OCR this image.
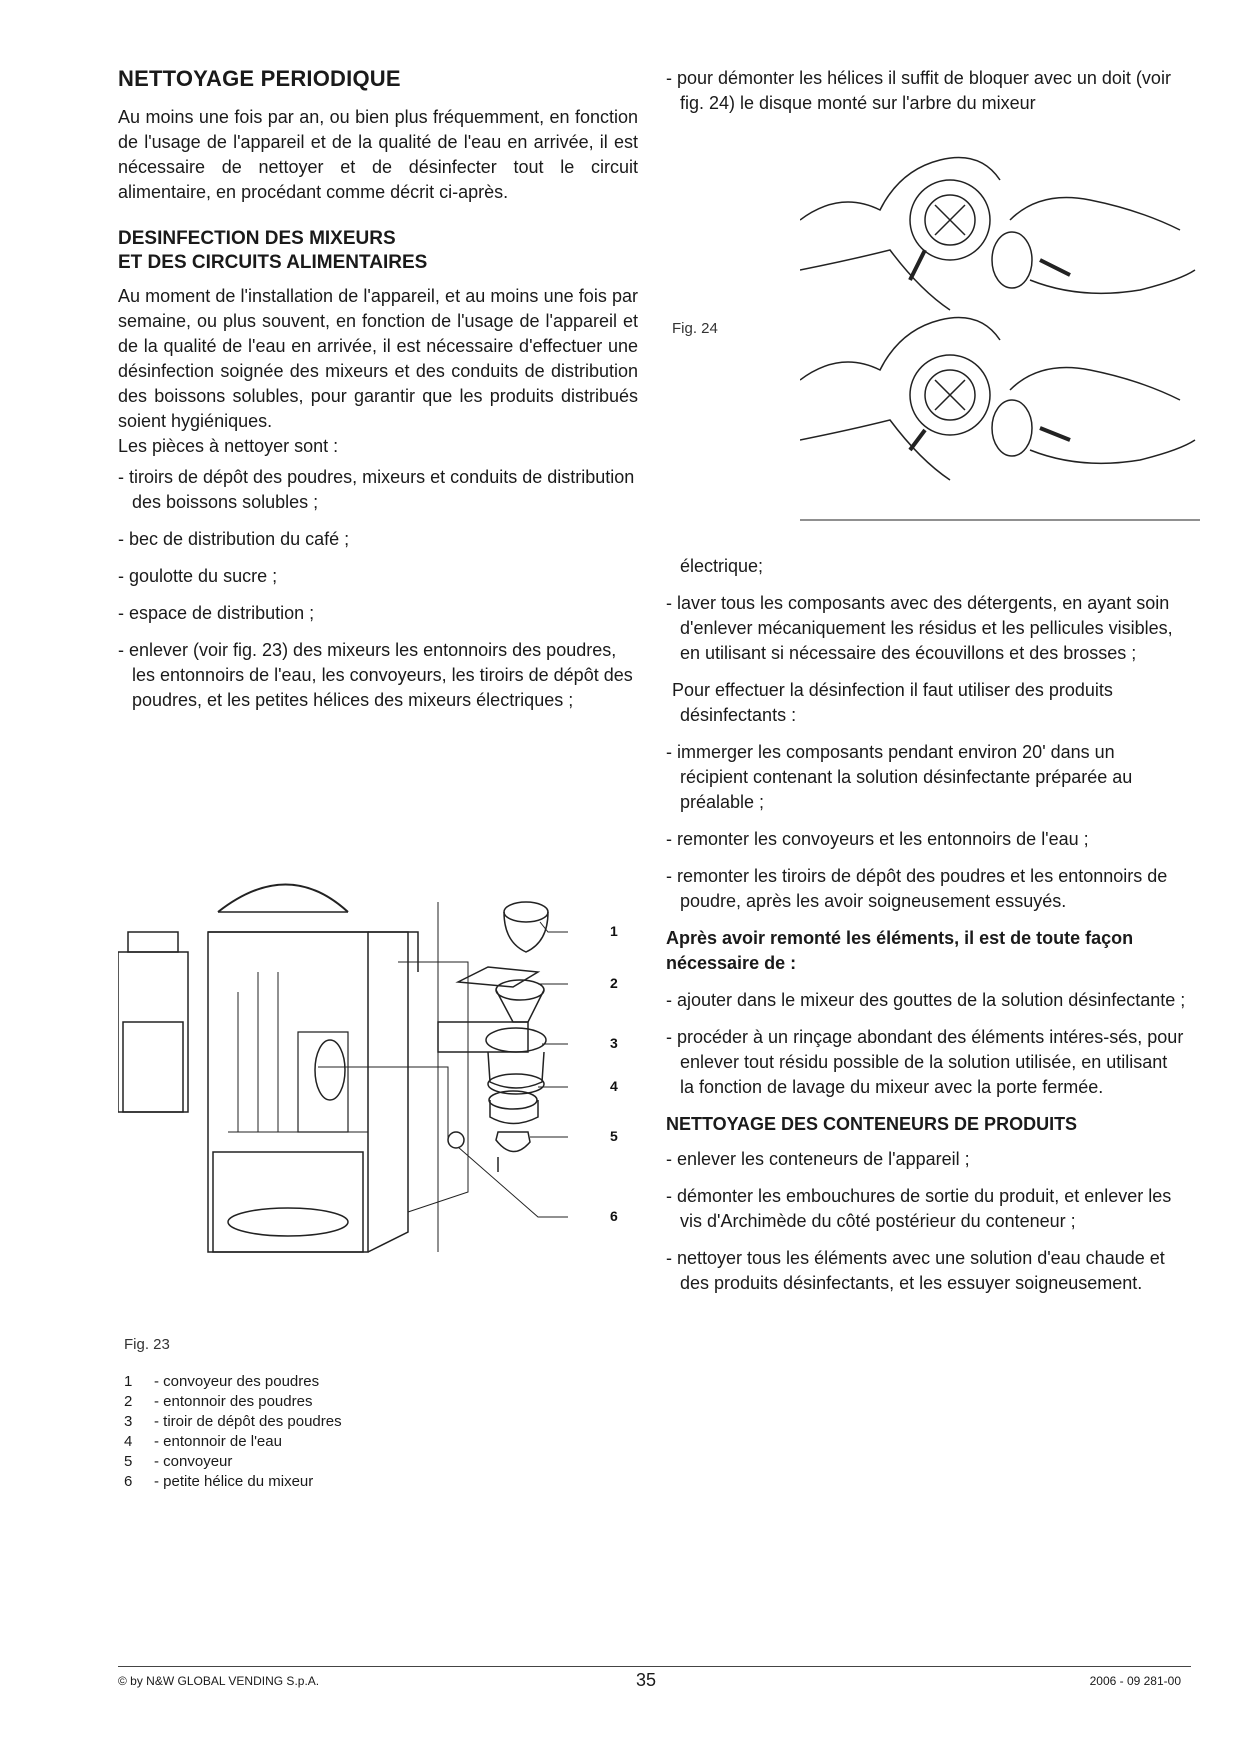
NETTOYAGE PERIODIQUE

Au moins une fois par an, ou bien plus fréquemment, en fonction de l'usage de l'appareil et de la qualité de l'eau en arrivée, il est nécessaire de nettoyer et de désinfecter tout le circuit alimentaire, en procédant comme décrit ci-après.

DESINFECTION DES MIXEURS
ET DES CIRCUITS ALIMENTAIRES

Au moment de l'installation de l'appareil, et au moins une fois par semaine, ou plus souvent, en fonction de l'usage de l'appareil et de la qualité de l'eau en arrivée, il est nécessaire d'effectuer une désinfection soignée des mixeurs et des conduits de distribution des boissons solubles, pour garantir que les produits distribués soient hygiéniques.

Les pièces à nettoyer sont :

- tiroirs de dépôt des poudres, mixeurs et conduits de distribution des boissons solubles ;
- bec de distribution du café ;
- goulotte du sucre ;
- espace de distribution ;
- enlever (voir fig. 23) des mixeurs les entonnoirs des poudres, les entonnoirs de l'eau, les convoyeurs, les tiroirs de dépôt des poudres, et les petites hélices des mixeurs électriques ;
1
2
3
4
5
6
Fig. 23
1	- convoyeur des poudres
2	- entonnoir des poudres
3	- tiroir de dépôt des poudres
4	- entonnoir de l'eau
5	- convoyeur
6	- petite hélice du mixeur
- pour démonter les hélices il suffit de bloquer avec un doit (voir fig. 24) le disque monté sur l'arbre du mixeur
Fig. 24

électrique;

- laver tous les composants avec des détergents, en ayant soin d'enlever mécaniquement les résidus et les pellicules visibles, en utilisant si nécessaire des écouvillons et des brosses ;

Pour effectuer la désinfection il faut utiliser des produits désinfectants :

- immerger les composants pendant environ 20' dans un récipient contenant la solution désinfectante préparée au préalable ;
- remonter les convoyeurs et les entonnoirs de l'eau ;
- remonter les tiroirs de dépôt des poudres et les entonnoirs de poudre, après les avoir soigneusement essuyés.

Après avoir remonté les éléments, il est de toute façon nécessaire de :

- ajouter dans le mixeur des gouttes de la solution désinfectante ;
- procéder à un rinçage abondant des éléments intéres-sés, pour enlever tout résidu possible de la solution utilisée, en utilisant la fonction de lavage du mixeur avec la porte fermée.

NETTOYAGE DES CONTENEURS DE PRODUITS

- enlever les conteneurs de l'appareil ;
- démonter les embouchures de sortie du produit, et enlever les vis d'Archimède du côté postérieur du conteneur ;
- nettoyer tous les éléments avec une solution d'eau chaude et des produits désinfectants, et les essuyer soigneusement.
© by N&W GLOBAL VENDING S.p.A.	35	2006 - 09 281-00
